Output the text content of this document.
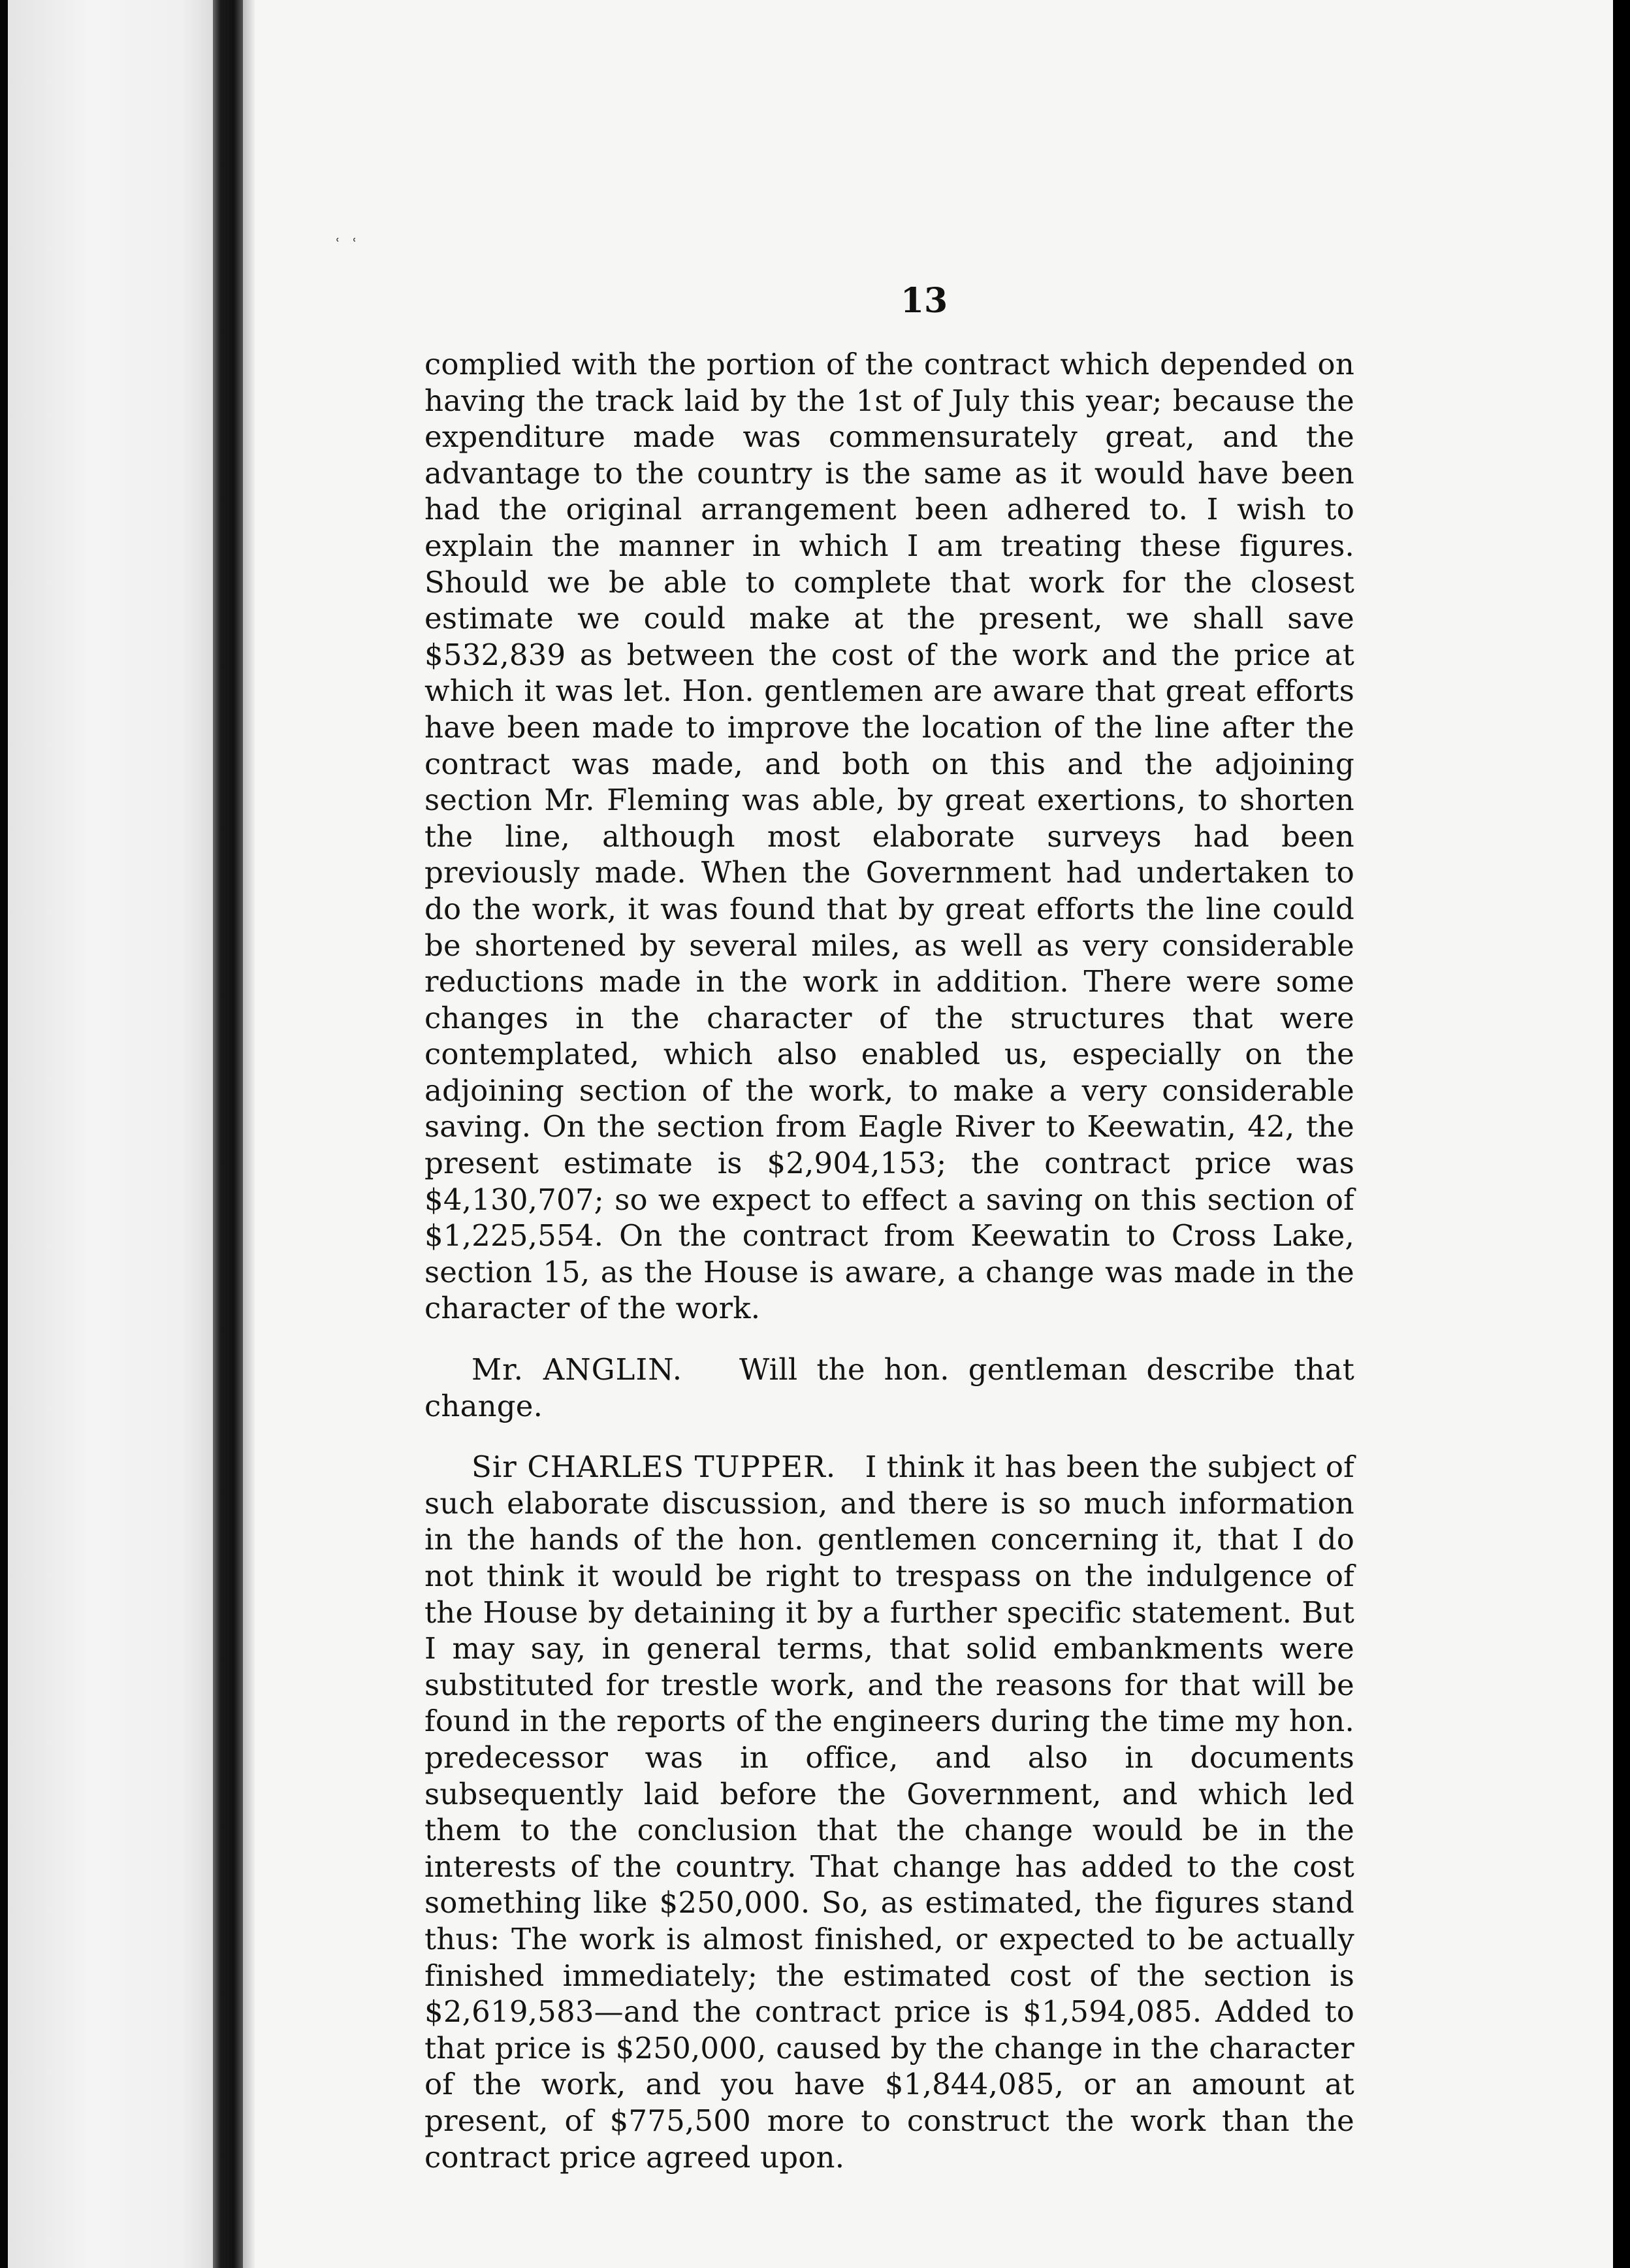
ʿ ʿ
13

complied with the portion of the contract which depended on having the track laid by the 1st of July this year; because the expenditure made was commensurately great, and the advantage to the country is the same as it would have been had the original arrangement been adhered to. I wish to explain the manner in which I am treating these figures. Should we be able to complete that work for the closest estimate we could make at the present, we shall save $532,839 as between the cost of the work and the price at which it was let. Hon. gentlemen are aware that great efforts have been made to improve the location of the line after the contract was made, and both on this and the adjoining section Mr. Fleming was able, by great exertions, to shorten the line, although most elaborate surveys had been previously made. When the Government had undertaken to do the work, it was found that by great efforts the line could be shortened by several miles, as well as very considerable reductions made in the work in addition. There were some changes in the character of the structures that were contemplated, which also enabled us, especially on the adjoining section of the work, to make a very considerable saving. On the section from Eagle River to Keewatin, 42, the present estimate is $2,904,153; the contract price was $4,130,707; so we expect to effect a saving on this section of $1,225,554. On the contract from Keewatin to Cross Lake, section 15, as the House is aware, a change was made in the character of the work.

Mr. ANGLIN. Will the hon. gentleman describe that change.

Sir CHARLES TUPPER. I think it has been the subject of such elaborate discussion, and there is so much information in the hands of the hon. gentlemen concerning it, that I do not think it would be right to trespass on the indulgence of the House by detaining it by a further specific statement. But I may say, in general terms, that solid embankments were substituted for trestle work, and the reasons for that will be found in the reports of the engineers during the time my hon. predecessor was in office, and also in documents subsequently laid before the Government, and which led them to the conclusion that the change would be in the interests of the country. That change has added to the cost something like $250,000. So, as estimated, the figures stand thus: The work is almost finished, or expected to be actually finished immediately; the estimated cost of the section is $2,619,583—and the contract price is $1,594,085. Added to that price is $250,000, caused by the change in the character of the work, and you have $1,844,085, or an amount at present, of $775,500 more to construct the work than the contract price agreed upon.
